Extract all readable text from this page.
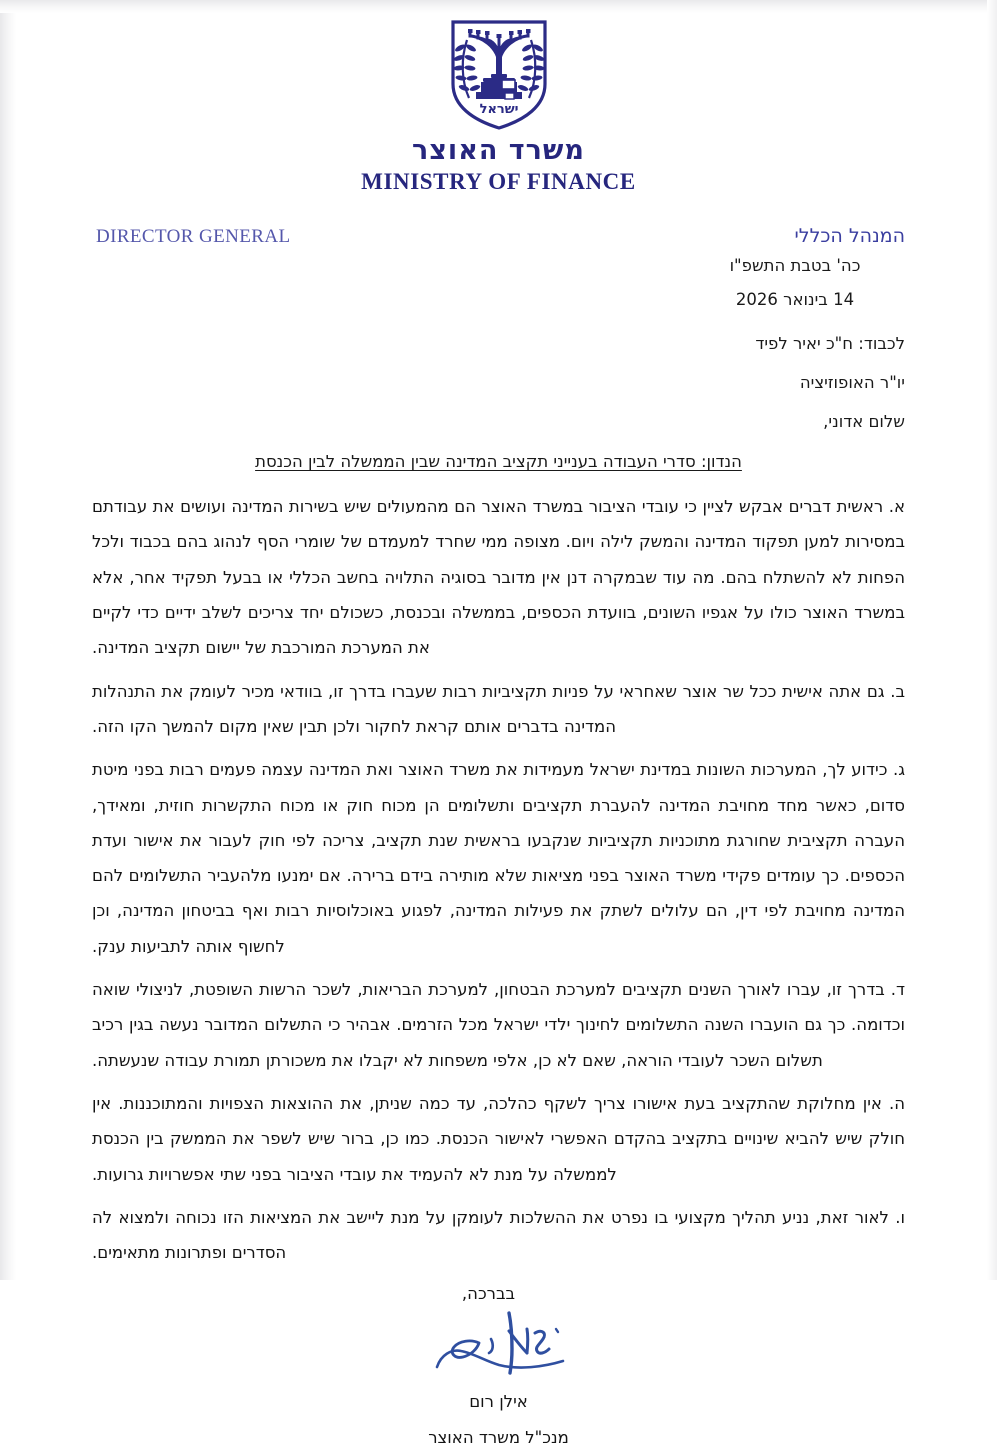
ישראל
משרד האוצר
MINISTRY OF FINANCE
המנהל הכללי
DIRECTOR GENERAL
כה' בטבת התשפ"ו
14 בינואר 2026
לכבוד: ח"כ יאיר לפיד
יו"ר האופוזיציה
שלום אדוני,
הנדון: סדרי העבודה בענייני תקציב המדינה שבין הממשלה לבין הכנסת

א. ראשית דברים אבקש לציין כי עובדי הציבור במשרד האוצר הם מהמעולים שיש בשירות המדינה ועושים את עבודתם במסירות למען תפקוד המדינה והמשק לילה ויום. מצופה ממי שחרד למעמדם של שומרי הסף לנהוג בהם בכבוד ולכל הפחות לא להשתלח בהם. מה עוד שבמקרה דנן אין מדובר בסוגיה התלויה בחשב הכללי או בבעל תפקיד אחר, אלא במשרד האוצר כולו על אגפיו השונים, בוועדת הכספים, בממשלה ובכנסת, כשכולם יחד צריכים לשלב ידיים כדי לקיים את המערכת המורכבת של יישום תקציב המדינה.

ב. גם אתה אישית ככל שר אוצר שאחראי על פניות תקציביות רבות שעברו בדרך זו, בוודאי מכיר לעומק את התנהלות המדינה בדברים אותם קראת לחקור ולכן תבין שאין מקום להמשך הקו הזה.

ג. כידוע לך, המערכות השונות במדינת ישראל מעמידות את משרד האוצר ואת המדינה עצמה פעמים רבות בפני מיטת סדום, כאשר מחד מחויבת המדינה להעברת תקציבים ותשלומים הן מכוח חוק או מכוח התקשרות חוזית, ומאידך, העברה תקציבית שחורגת מתוכניות תקציביות שנקבעו בראשית שנת תקציב, צריכה לפי חוק לעבור את אישור ועדת הכספים. כך עומדים פקידי משרד האוצר בפני מציאות שלא מותירה בידם ברירה. אם ימנעו מלהעביר התשלומים להם המדינה מחויבת לפי דין, הם עלולים לשתק את פעילות המדינה, לפגוע באוכלוסיות רבות ואף בביטחון המדינה, וכן לחשוף אותה לתביעות ענק.

ד. בדרך זו, עברו לאורך השנים תקציבים למערכת הבטחון, למערכת הבריאות, לשכר הרשות השופטת, לניצולי שואה וכדומה. כך גם הועברו השנה התשלומים לחינוך ילדי ישראל מכל הזרמים. אבהיר כי התשלום המדובר נעשה בגין רכיב תשלום השכר לעובדי הוראה, שאם לא כן, אלפי משפחות לא יקבלו את משכורתן תמורת עבודה שנעשתה.

ה. אין מחלוקת שהתקציב בעת אישורו צריך לשקף כהלכה, עד כמה שניתן, את ההוצאות הצפויות והמתוכננות. אין חולק שיש להביא שינויים בתקציב בהקדם האפשרי לאישור הכנסת. כמו כן, ברור שיש לשפר את הממשק בין הכנסת לממשלה על מנת לא להעמיד את עובדי הציבור בפני שתי אפשרויות גרועות.

ו. לאור זאת, נניע תהליך מקצועי בו נפרט את ההשלכות לעומקן על מנת ליישב את המציאות הזו נכוחה ולמצוא לה הסדרים ופתרונות מתאימים.

בברכה,
אילן רום
מנכ"ל משרד האוצר
